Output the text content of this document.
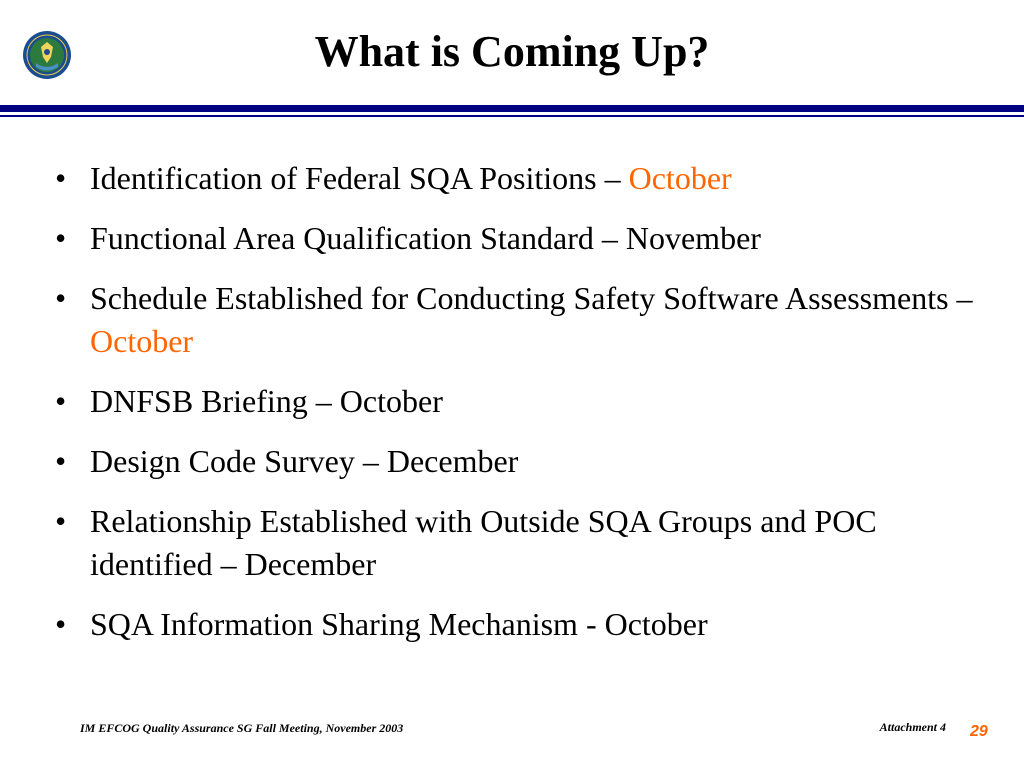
What is Coming Up?
• Identification of Federal SQA Positions – October
• Functional Area Qualification Standard – November
• Schedule Established for Conducting Safety Software Assessments – October
• DNFSB Briefing – October
• Design Code Survey – December
• Relationship Established with Outside SQA Groups and POC identified – December
• SQA Information Sharing Mechanism - October
IM EFCOG Quality Assurance SG Fall Meeting, November 2003	Attachment 4 29
